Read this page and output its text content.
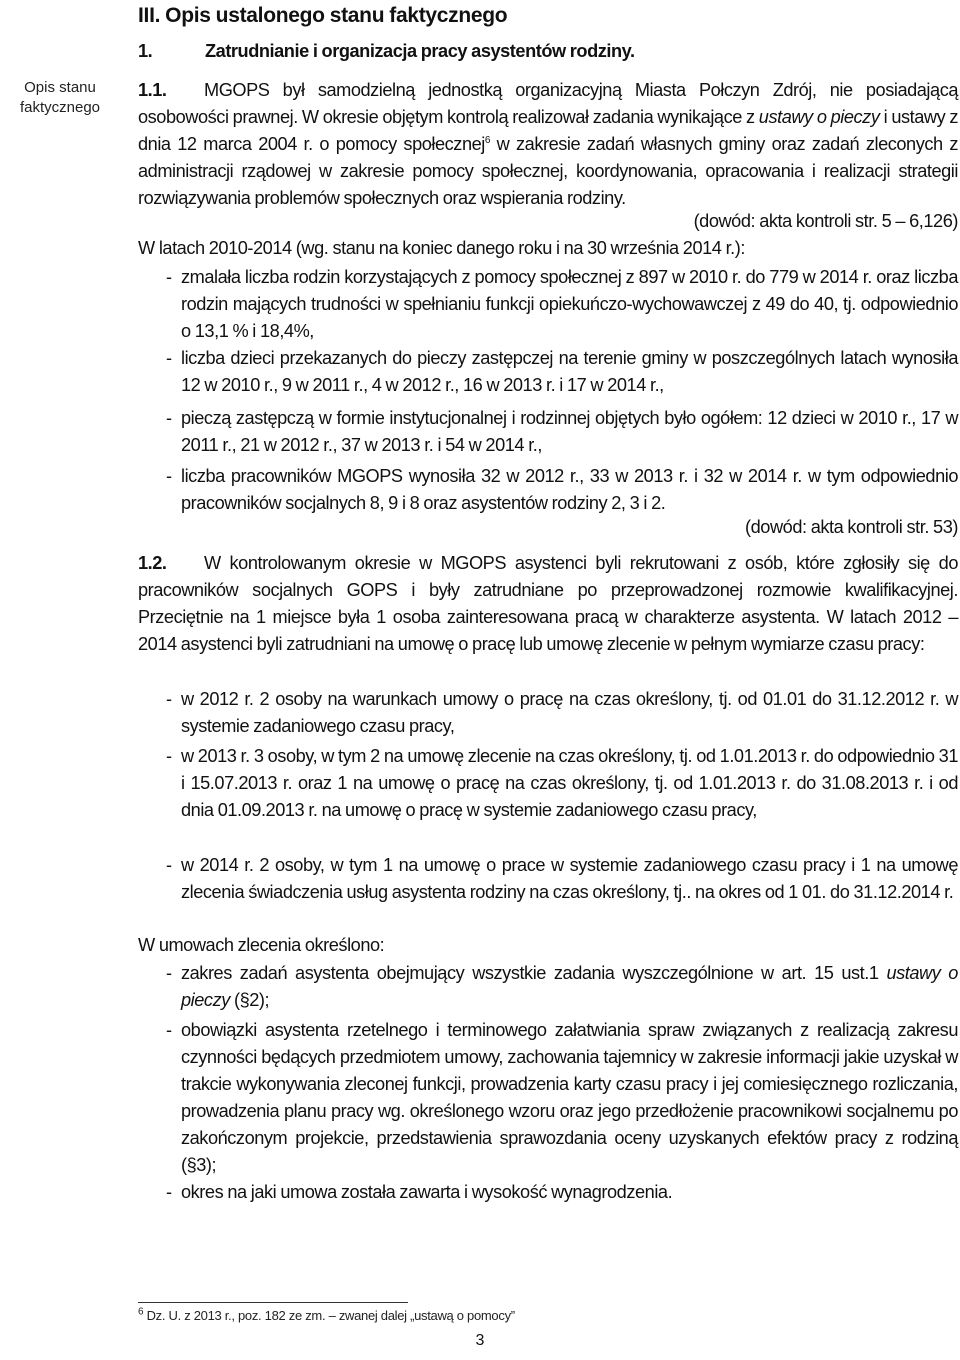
Opis stanu faktycznego
III. Opis ustalonego stanu faktycznego
1.	Zatrudnianie i organizacja pracy asystentów rodziny.
1.1. MGOPS był samodzielną jednostką organizacyjną Miasta Połczyn Zdrój, nie posiadającą osobowości prawnej. W okresie objętym kontrolą realizował zadania wynikające z ustawy o pieczy i ustawy z dnia 12 marca 2004 r. o pomocy społecznej$^6$ w zakresie zadań własnych gminy oraz zadań zleconych z administracji rządowej w zakresie pomocy społecznej, koordynowania, opracowania i realizacji strategii rozwiązywania problemów społecznych oraz wspierania rodziny.
(dowód: akta kontroli str. 5 – 6,126)
W latach 2010-2014 (wg. stanu na koniec danego roku i na 30 września 2014 r.):
- zmalała liczba rodzin korzystających z pomocy społecznej z 897 w 2010 r. do 779 w 2014 r. oraz liczba rodzin mających trudności w spełnianiu funkcji opiekuńczo-wychowawczej z 49 do 40, tj. odpowiednio o 13,1 % i 18,4%,
- liczba dzieci przekazanych do pieczy zastępczej na terenie gminy w poszczególnych latach wynosiła 12 w 2010 r., 9 w 2011 r., 4 w 2012 r., 16 w 2013 r. i 17 w 2014 r.,
- pieczą zastępczą w formie instytucjonalnej i rodzinnej objętych było ogółem: 12 dzieci w 2010 r., 17 w 2011 r., 21 w 2012 r., 37 w 2013 r. i 54 w 2014 r.,
- liczba pracowników MGOPS wynosiła 32 w 2012 r., 33 w 2013 r. i 32 w 2014 r. w tym odpowiednio pracowników socjalnych 8, 9 i 8 oraz asystentów rodziny 2, 3 i 2.
(dowód: akta kontroli str. 53)
1.2. W kontrolowanym okresie w MGOPS asystenci byli rekrutowani z osób, które zgłosiły się do pracowników socjalnych GOPS i były zatrudniane po przeprowadzonej rozmowie kwalifikacyjnej. Przeciętnie na 1 miejsce była 1 osoba zainteresowana pracą w charakterze asystenta. W latach 2012 – 2014 asystenci byli zatrudniani na umowę o pracę lub umowę zlecenie w pełnym wymiarze czasu pracy:
- w 2012 r. 2 osoby na warunkach umowy o pracę na czas określony, tj. od 01.01 do 31.12.2012 r. w systemie zadaniowego czasu pracy,
- w 2013 r. 3 osoby, w tym 2 na umowę zlecenie na czas określony, tj. od 1.01.2013 r. do odpowiednio 31 i 15.07.2013 r. oraz 1 na umowę o pracę na czas określony, tj. od 1.01.2013 r. do 31.08.2013 r. i od dnia 01.09.2013 r. na umowę o pracę w systemie zadaniowego czasu pracy,
- w 2014 r. 2 osoby, w tym 1 na umowę o prace w systemie zadaniowego czasu pracy i 1 na umowę zlecenia świadczenia usług asystenta rodziny na czas określony, tj.. na okres od 1 01. do 31.12.2014 r.
W umowach zlecenia określono:
- zakres zadań asystenta obejmujący wszystkie zadania wyszczególnione w art. 15 ust.1 ustawy o pieczy (§2);
- obowiązki asystenta rzetelnego i terminowego załatwiania spraw związanych z realizacją zakresu czynności będących przedmiotem umowy, zachowania tajemnicy w zakresie informacji jakie uzyskał w trakcie wykonywania zleconej funkcji, prowadzenia karty czasu pracy i jej comiesięcznego rozliczania, prowadzenia planu pracy wg. określonego wzoru oraz jego przedłożenie pracownikowi socjalnemu po zakończonym projekcie, przedstawienia sprawozdania oceny uzyskanych efektów pracy z rodziną (§3);
- okres na jaki umowa została zawarta i wysokość wynagrodzenia.
$^6$ Dz. U. z 2013 r., poz. 182 ze zm. – zwanej dalej „ustawą o pomocy”
3
